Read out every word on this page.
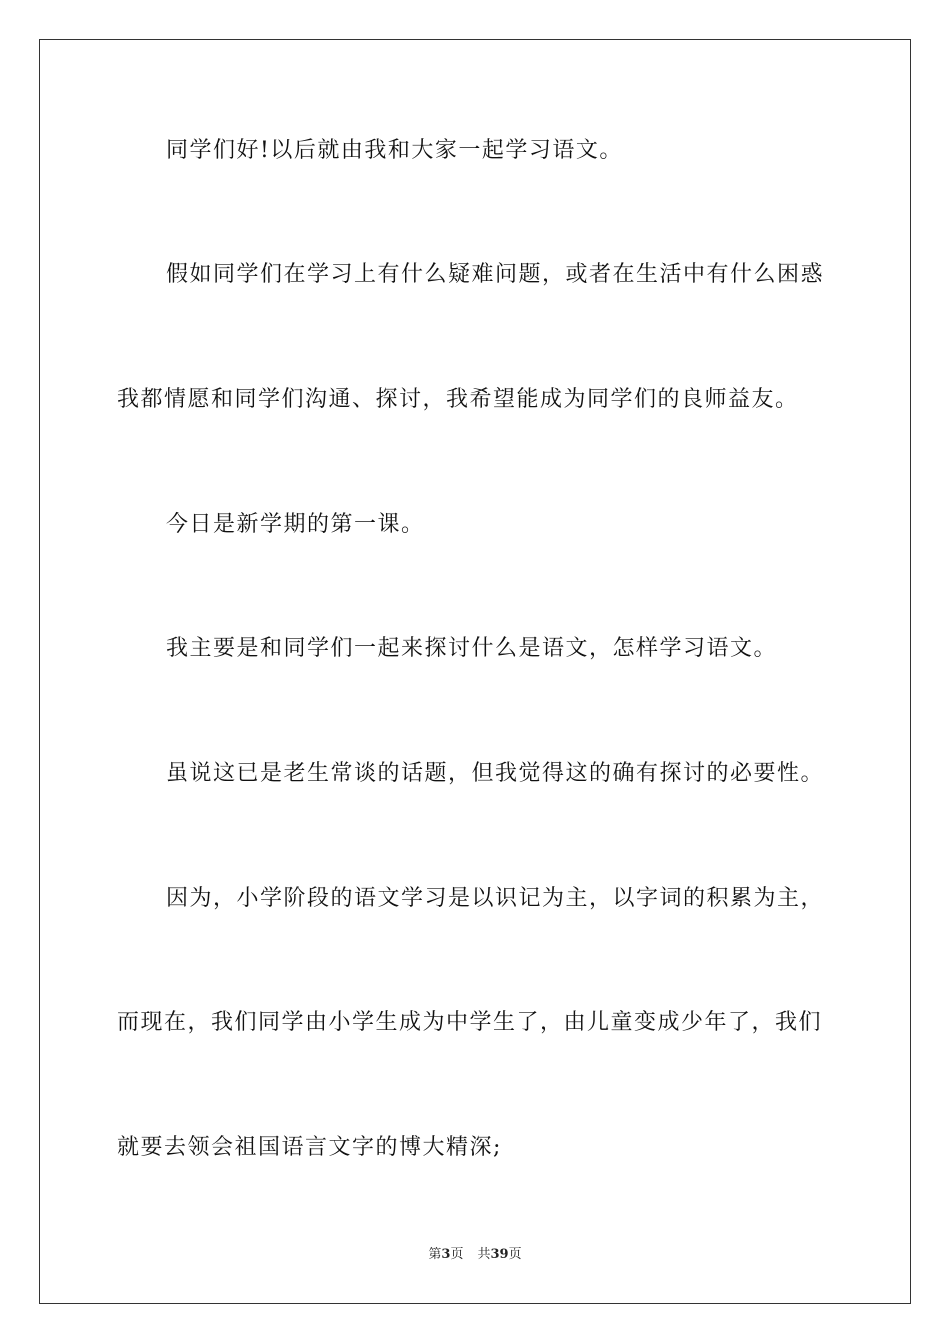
同学们好!以后就由我和大家一起学习语文。
假如同学们在学习上有什么疑难问题，或者在生活中有什么困惑
我都情愿和同学们沟通、探讨，我希望能成为同学们的良师益友。
今日是新学期的第一课。
我主要是和同学们一起来探讨什么是语文，怎样学习语文。
虽说这已是老生常谈的话题，但我觉得这的确有探讨的必要性。
因为，小学阶段的语文学习是以识记为主，以字词的积累为主，
而现在，我们同学由小学生成为中学生了，由儿童变成少年了，我们
就要去领会祖国语言文字的博大精深;
第3页 共39页
